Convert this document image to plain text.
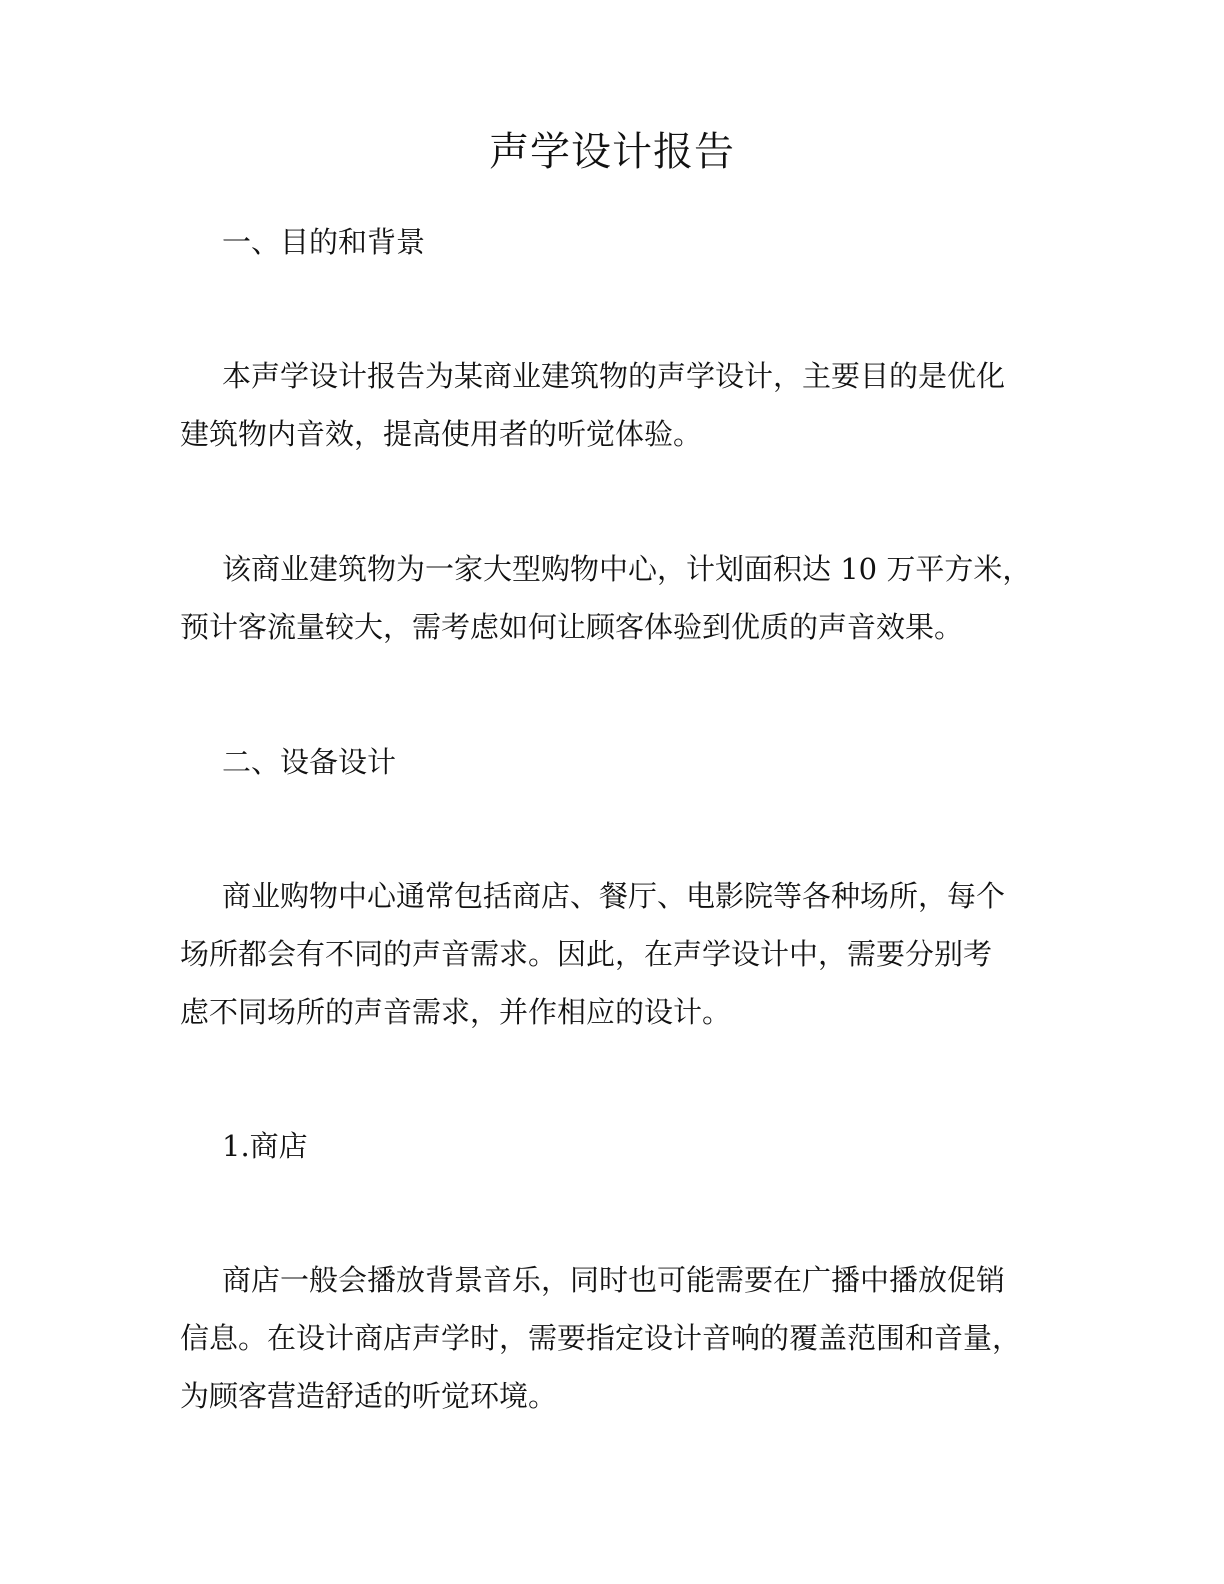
声学设计报告
一、目的和背景
本声学设计报告为某商业建筑物的声学设计，主要目的是优化
建筑物内音效，提高使用者的听觉体验。
该商业建筑物为一家大型购物中心，计划面积达 10 万平方米，
预计客流量较大，需考虑如何让顾客体验到优质的声音效果。
二、设备设计
商业购物中心通常包括商店、餐厅、电影院等各种场所，每个
场所都会有不同的声音需求。因此，在声学设计中，需要分别考
虑不同场所的声音需求，并作相应的设计。
1.商店
商店一般会播放背景音乐，同时也可能需要在广播中播放促销
信息。在设计商店声学时，需要指定设计音响的覆盖范围和音量，
为顾客营造舒适的听觉环境。
